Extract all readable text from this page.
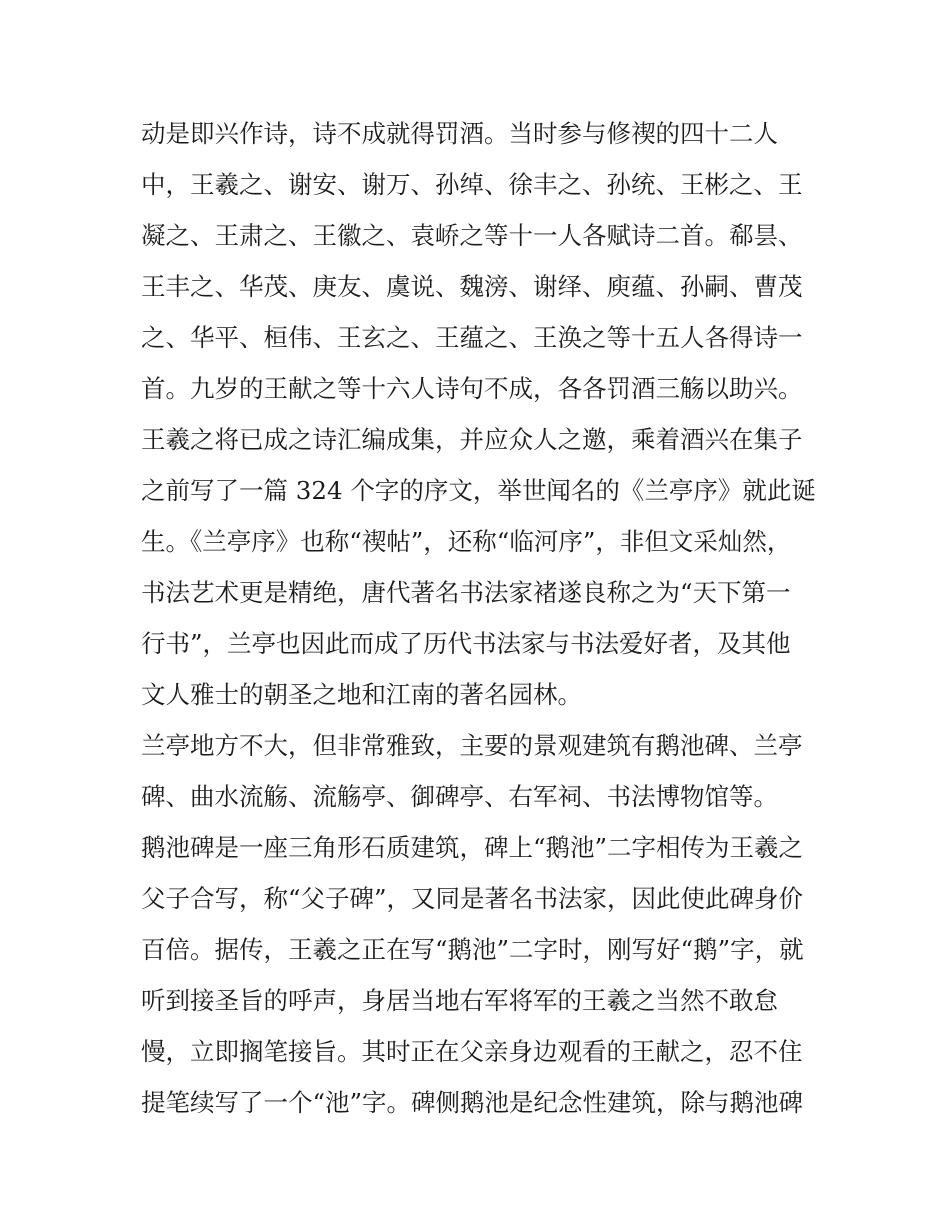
动是即兴作诗，诗不成就得罚酒。当时参与修禊的四十二人
中，王羲之、谢安、谢万、孙绰、徐丰之、孙统、王彬之、王
凝之、王肃之、王徽之、袁峤之等十一人各赋诗二首。郗昙、
王丰之、华茂、庚友、虞说、魏滂、谢绎、庾蕴、孙嗣、曹茂
之、华平、桓伟、王玄之、王蕴之、王涣之等十五人各得诗一
首。九岁的王献之等十六人诗句不成，各各罚酒三觞以助兴。
王羲之将已成之诗汇编成集，并应众人之邀，乘着酒兴在集子
之前写了一篇 324 个字的序文，举世闻名的《兰亭序》就此诞
生。《兰亭序》也称“禊帖”，还称“临河序”，非但文采灿然，
书法艺术更是精绝，唐代著名书法家褚遂良称之为“天下第一
行书”，兰亭也因此而成了历代书法家与书法爱好者，及其他
文人雅士的朝圣之地和江南的著名园林。
兰亭地方不大，但非常雅致，主要的景观建筑有鹅池碑、兰亭
碑、曲水流觞、流觞亭、御碑亭、右军祠、书法博物馆等。
鹅池碑是一座三角形石质建筑，碑上“鹅池”二字相传为王羲之
父子合写，称“父子碑”，又同是著名书法家，因此使此碑身价
百倍。据传，王羲之正在写“鹅池”二字时，刚写好“鹅”字，就
听到接圣旨的呼声，身居当地右军将军的王羲之当然不敢怠
慢，立即搁笔接旨。其时正在父亲身边观看的王献之，忍不住
提笔续写了一个“池”字。碑侧鹅池是纪念性建筑，除与鹅池碑
